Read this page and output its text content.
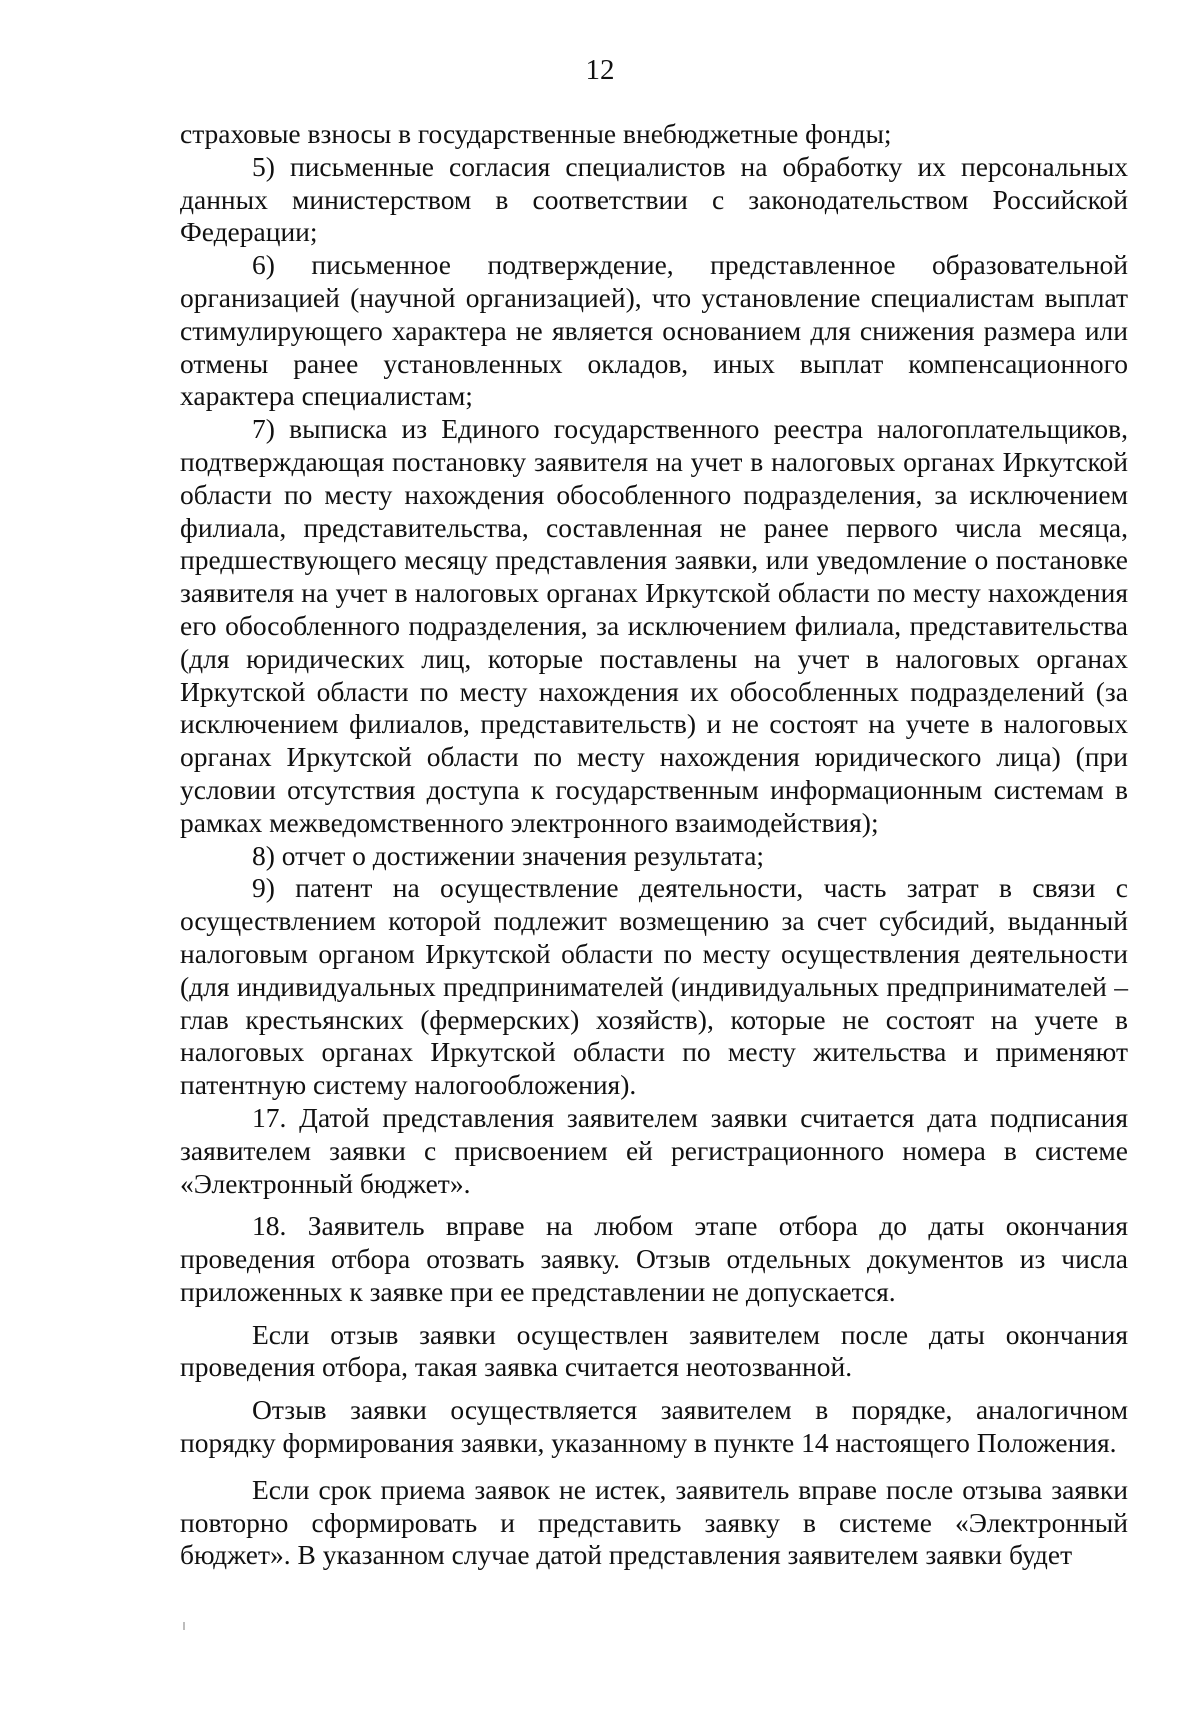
12

страховые взносы в государственные внебюджетные фонды;

5) письменные согласия специалистов на обработку их персональных данных министерством в соответствии с законодательством Российской Федерации;

6) письменное подтверждение, представленное образовательной организацией (научной организацией), что установление специалистам выплат стимулирующего характера не является основанием для снижения размера или отмены ранее установленных окладов, иных выплат компенсационного характера специалистам;

7) выписка из Единого государственного реестра налогоплательщиков, подтверждающая постановку заявителя на учет в налоговых органах Иркутской области по месту нахождения обособленного подразделения, за исключением филиала, представительства, составленная не ранее первого числа месяца, предшествующего месяцу представления заявки, или уведомление о постановке заявителя на учет в налоговых органах Иркутской области по месту нахождения его обособленного подразделения, за исключением филиала, представительства (для юридических лиц, которые поставлены на учет в налоговых органах Иркутской области по месту нахождения их обособленных подразделений (за исключением филиалов, представительств) и не состоят на учете в налоговых органах Иркутской области по месту нахождения юридического лица) (при условии отсутствия доступа к государственным информационным системам в рамках межведомственного электронного взаимодействия);

8) отчет о достижении значения результата;

9) патент на осуществление деятельности, часть затрат в связи с осуществлением которой подлежит возмещению за счет субсидий, выданный налоговым органом Иркутской области по месту осуществления деятельности (для индивидуальных предпринимателей (индивидуальных предпринимателей – глав крестьянских (фермерских) хозяйств), которые не состоят на учете в налоговых органах Иркутской области по месту жительства и применяют патентную систему налогообложения).

17. Датой представления заявителем заявки считается дата подписания заявителем заявки с присвоением ей регистрационного номера в системе «Электронный бюджет».

18. Заявитель вправе на любом этапе отбора до даты окончания проведения отбора отозвать заявку. Отзыв отдельных документов из числа приложенных к заявке при ее представлении не допускается.

Если отзыв заявки осуществлен заявителем после даты окончания проведения отбора, такая заявка считается неотозванной.

Отзыв заявки осуществляется заявителем в порядке, аналогичном порядку формирования заявки, указанному в пункте 14 настоящего Положения.

Если срок приема заявок не истек, заявитель вправе после отзыва заявки повторно сформировать и представить заявку в системе «Электронный бюджет». В указанном случае датой представления заявителем заявки будет
